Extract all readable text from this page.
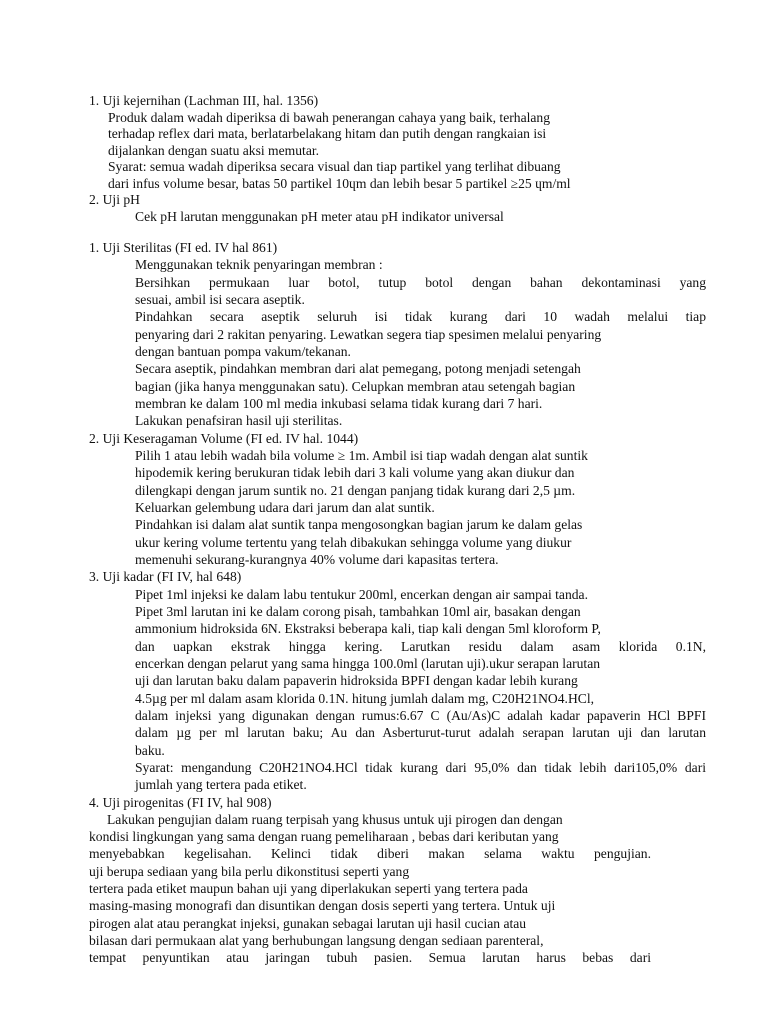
1. Uji kejernihan (Lachman III, hal. 1356)
Produk dalam wadah diperiksa di bawah penerangan cahaya yang baik, terhalang
terhadap reflex dari mata, berlatarbelakang hitam dan putih dengan rangkaian isi
dijalankan dengan suatu aksi memutar.
Syarat: semua wadah diperiksa secara visual dan tiap partikel yang terlihat dibuang
dari infus volume besar, batas 50 partikel 10ɥm dan lebih besar 5 partikel ≥25 ɥm/ml
2. Uji pH
Cek pH larutan menggunakan pH meter atau pH indikator universal
1. Uji Sterilitas (FI ed. IV hal 861)
Menggunakan teknik penyaringan membran :
Bersihkan permukaan luar botol, tutup botol dengan bahan dekontaminasi yang
sesuai, ambil isi secara aseptik.
Pindahkan secara aseptik seluruh isi tidak kurang dari 10 wadah melalui tiap
penyaring dari 2 rakitan penyaring. Lewatkan segera tiap spesimen melalui penyaring
dengan bantuan pompa vakum/tekanan.
Secara aseptik, pindahkan membran dari alat pemegang, potong menjadi setengah
bagian (jika hanya menggunakan satu). Celupkan membran atau setengah bagian
membran ke dalam 100 ml media inkubasi selama tidak kurang dari 7 hari.
Lakukan penafsiran hasil uji sterilitas.
2. Uji Keseragaman Volume (FI ed. IV hal. 1044)
Pilih 1 atau lebih wadah bila volume ≥ 1m. Ambil isi tiap wadah dengan alat suntik
hipodemik kering berukuran tidak lebih dari 3 kali volume yang akan diukur dan
dilengkapi dengan jarum suntik no. 21 dengan panjang tidak kurang dari 2,5 µm.
Keluarkan gelembung udara dari jarum dan alat suntik.
Pindahkan isi dalam alat suntik tanpa mengosongkan bagian jarum ke dalam gelas
ukur kering volume tertentu yang telah dibakukan sehingga volume yang diukur
memenuhi sekurang-kurangnya 40% volume dari kapasitas tertera.
3. Uji kadar (FI IV, hal 648)
Pipet 1ml injeksi ke dalam labu tentukur 200ml, encerkan dengan air sampai tanda.
Pipet 3ml larutan ini ke dalam corong pisah, tambahkan 10ml air, basakan dengan
ammonium hidroksida 6N. Ekstraksi beberapa kali, tiap kali dengan 5ml kloroform P,
dan uapkan ekstrak hingga kering. Larutkan residu dalam asam klorida 0.1N,
encerkan dengan pelarut yang sama hingga 100.0ml (larutan uji).ukur serapan larutan
uji dan larutan baku dalam papaverin hidroksida BPFI dengan kadar lebih kurang
4.5µg per ml dalam asam klorida 0.1N. hitung jumlah dalam mg, C20H21NO4.HCl,
dalam injeksi yang digunakan dengan rumus:6.67 C (Au/As)C adalah kadar papaverin HCl BPFI
dalam µg per ml larutan baku; Au dan Asberturut-turut adalah serapan larutan uji dan larutan
baku.
Syarat: mengandung C20H21NO4.HCl tidak kurang dari 95,0% dan tidak lebih dari105,0% dari
jumlah yang tertera pada etiket.
4. Uji pirogenitas (FI IV, hal 908)
Lakukan pengujian dalam ruang terpisah yang khusus untuk uji pirogen dan dengan
kondisi lingkungan yang sama dengan ruang pemeliharaan , bebas dari keributan yang
menyebabkan kegelisahan. Kelinci tidak diberi makan selama waktu pengujian.
uji berupa sediaan yang bila perlu dikonstitusi seperti yang
tertera pada etiket maupun bahan uji yang diperlakukan seperti yang tertera pada
masing-masing monografi dan disuntikan dengan dosis seperti yang tertera. Untuk uji
pirogen alat atau perangkat injeksi, gunakan sebagai larutan uji hasil cucian atau
bilasan dari permukaan alat yang berhubungan langsung dengan sediaan parenteral,
tempat penyuntikan atau jaringan tubuh pasien. Semua larutan harus bebas dari
